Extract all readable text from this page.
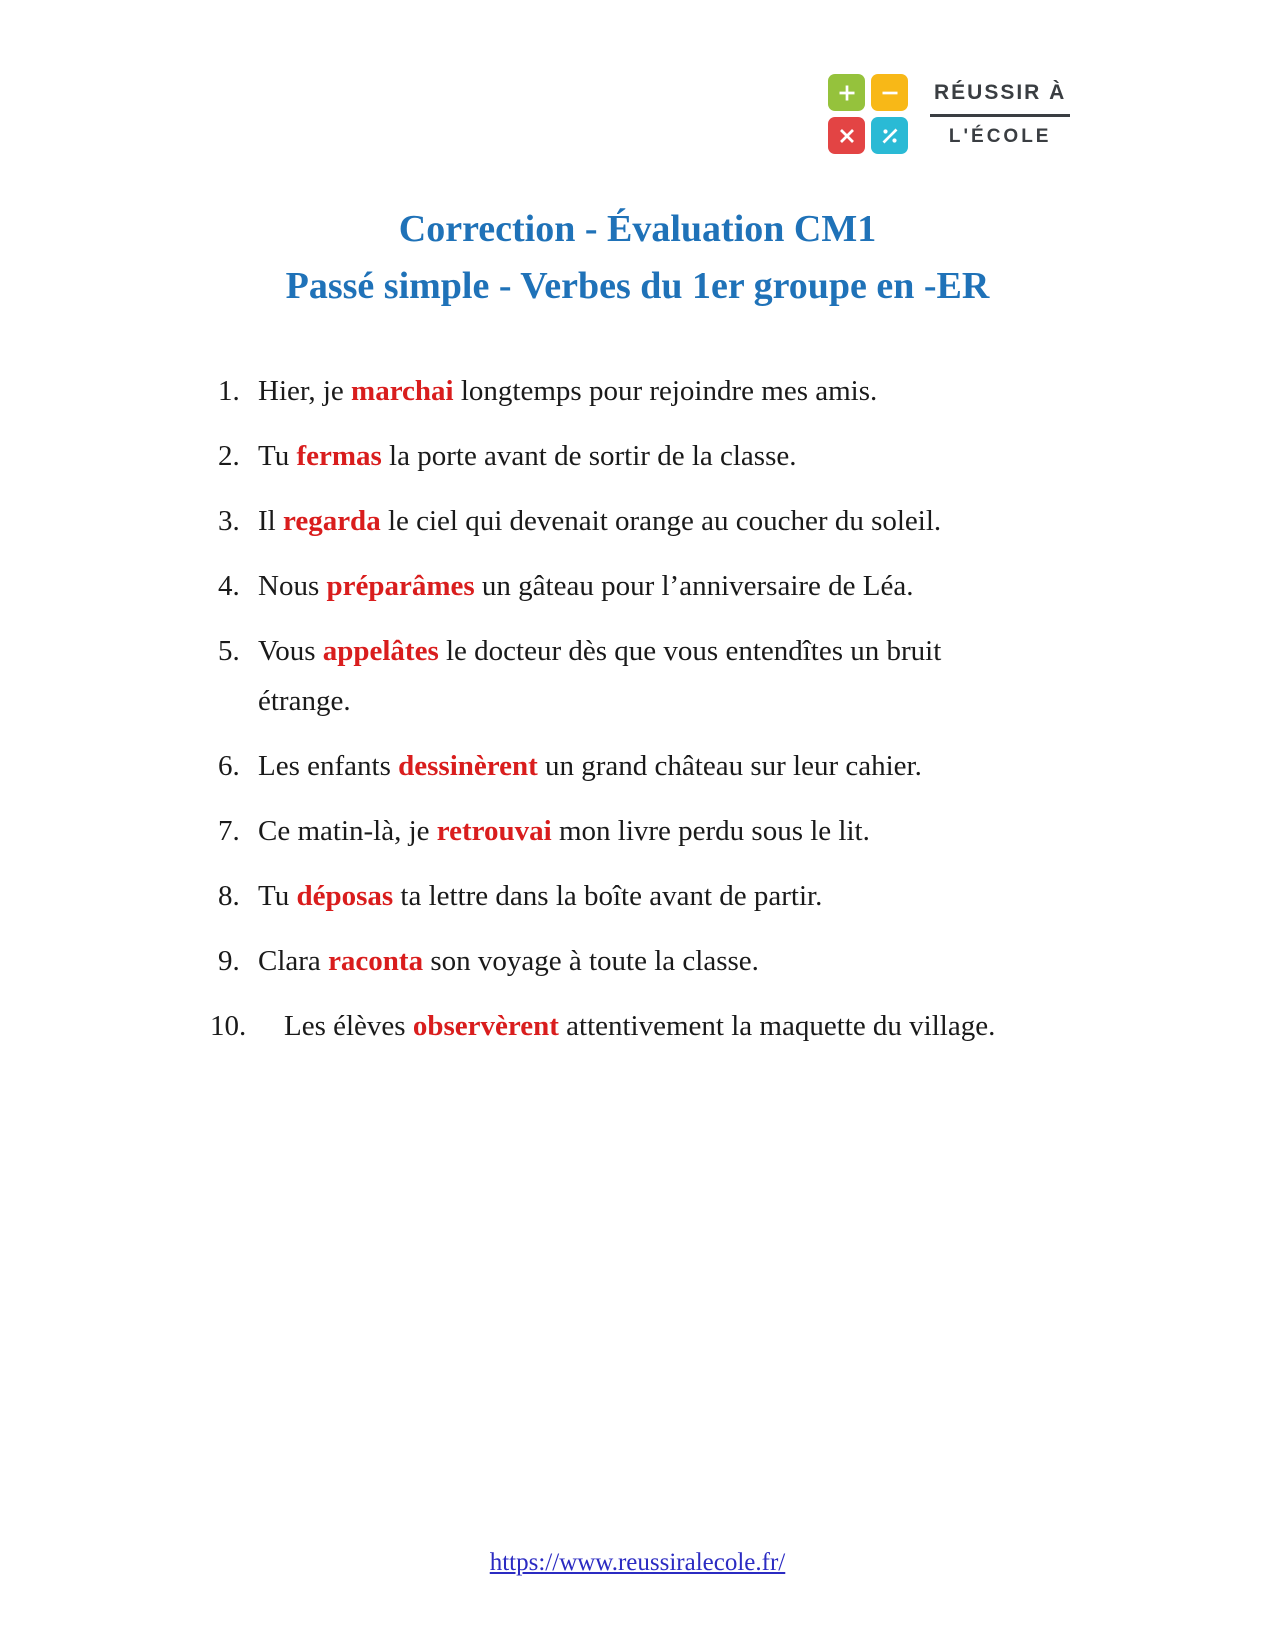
RÉUSSIR À
L'ÉCOLE
Correction - Évaluation CM1
Passé simple - Verbes du 1er groupe en -ER
1. Hier, je marchai longtemps pour rejoindre mes amis.
2. Tu fermas la porte avant de sortir de la classe.
3. Il regarda le ciel qui devenait orange au coucher du soleil.
4. Nous préparâmes un gâteau pour l’anniversaire de Léa.
5. Vous appelâtes le docteur dès que vous entendîtes un bruit étrange.
6. Les enfants dessinèrent un grand château sur leur cahier.
7. Ce matin-là, je retrouvai mon livre perdu sous le lit.
8. Tu déposas ta lettre dans la boîte avant de partir.
9. Clara raconta son voyage à toute la classe.
10. Les élèves observèrent attentivement la maquette du village.
https://www.reussiralecole.fr/
